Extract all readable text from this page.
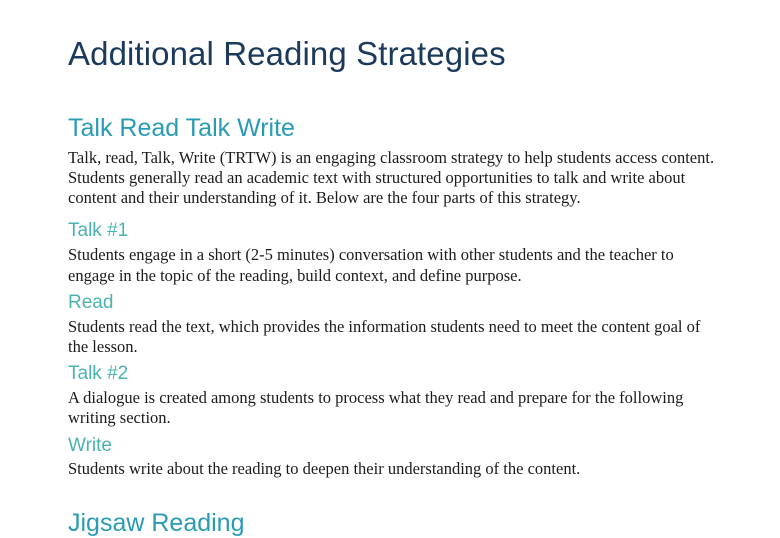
Additional Reading Strategies
Talk Read Talk Write

Talk, read, Talk, Write (TRTW) is an engaging classroom strategy to help students access content. Students generally read an academic text with structured opportunities to talk and write about content and their understanding of it. Below are the four parts of this strategy.

Talk #1

Students engage in a short (2-5 minutes) conversation with other students and the teacher to engage in the topic of the reading, build context, and define purpose.

Read

Students read the text, which provides the information students need to meet the content goal of the lesson.

Talk #2

A dialogue is created among students to process what they read and prepare for the following writing section.

Write

Students write about the reading to deepen their understanding of the content.

Jigsaw Reading
